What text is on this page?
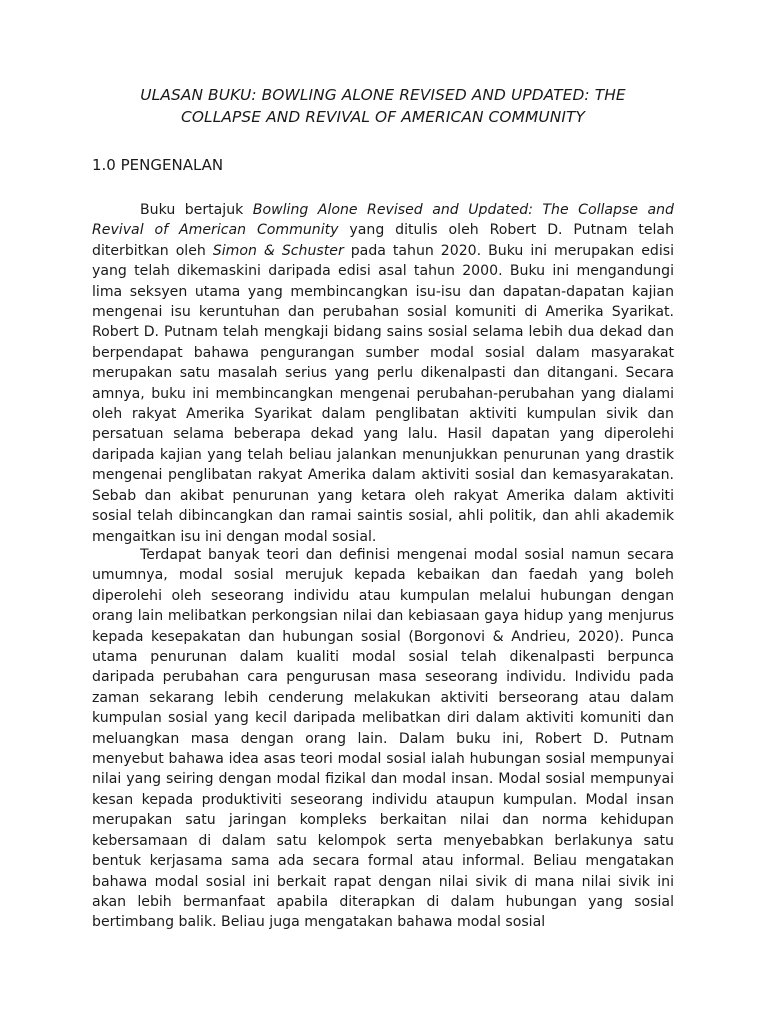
ULASAN BUKU: BOWLING ALONE REVISED AND UPDATED: THE
COLLAPSE AND REVIVAL OF AMERICAN COMMUNITY
1.0 PENGENALAN

Buku bertajuk Bowling Alone Revised and Updated: The Collapse and Revival of American Community yang ditulis oleh Robert D. Putnam telah diterbitkan oleh Simon & Schuster pada tahun 2020. Buku ini merupakan edisi yang telah dikemaskini daripada edisi asal tahun 2000. Buku ini mengandungi lima seksyen utama yang membincangkan isu-isu dan dapatan-dapatan kajian mengenai isu keruntuhan dan perubahan sosial komuniti di Amerika Syarikat. Robert D. Putnam telah mengkaji bidang sains sosial selama lebih dua dekad dan berpendapat bahawa pengurangan sumber modal sosial dalam masyarakat merupakan satu masalah serius yang perlu dikenalpasti dan ditangani. Secara amnya, buku ini membincangkan mengenai perubahan-perubahan yang dialami oleh rakyat Amerika Syarikat dalam penglibatan aktiviti kumpulan sivik dan persatuan selama beberapa dekad yang lalu. Hasil dapatan yang diperolehi daripada kajian yang telah beliau jalankan menunjukkan penurunan yang drastik mengenai penglibatan rakyat Amerika dalam aktiviti sosial dan kemasyarakatan. Sebab dan akibat penurunan yang ketara oleh rakyat Amerika dalam aktiviti sosial telah dibincangkan dan ramai saintis sosial, ahli politik, dan ahli akademik mengaitkan isu ini dengan modal sosial.

Terdapat banyak teori dan definisi mengenai modal sosial namun secara umumnya, modal sosial merujuk kepada kebaikan dan faedah yang boleh diperolehi oleh seseorang individu atau kumpulan melalui hubungan dengan orang lain melibatkan perkongsian nilai dan kebiasaan gaya hidup yang menjurus kepada kesepakatan dan hubungan sosial (Borgonovi & Andrieu, 2020). Punca utama penurunan dalam kualiti modal sosial telah dikenalpasti berpunca daripada perubahan cara pengurusan masa seseorang individu. Individu pada zaman sekarang lebih cenderung melakukan aktiviti berseorang atau dalam kumpulan sosial yang kecil daripada melibatkan diri dalam aktiviti komuniti dan meluangkan masa dengan orang lain. Dalam buku ini, Robert D. Putnam menyebut bahawa idea asas teori modal sosial ialah hubungan sosial mempunyai nilai yang seiring dengan modal fizikal dan modal insan. Modal sosial mempunyai kesan kepada produktiviti seseorang individu ataupun kumpulan. Modal insan merupakan satu jaringan kompleks berkaitan nilai dan norma kehidupan kebersamaan di dalam satu kelompok serta menyebabkan berlakunya satu bentuk kerjasama sama ada secara formal atau informal. Beliau mengatakan bahawa modal sosial ini berkait rapat dengan nilai sivik di mana nilai sivik ini akan lebih bermanfaat apabila diterapkan di dalam hubungan yang sosial bertimbang balik. Beliau juga mengatakan bahawa modal sosial
